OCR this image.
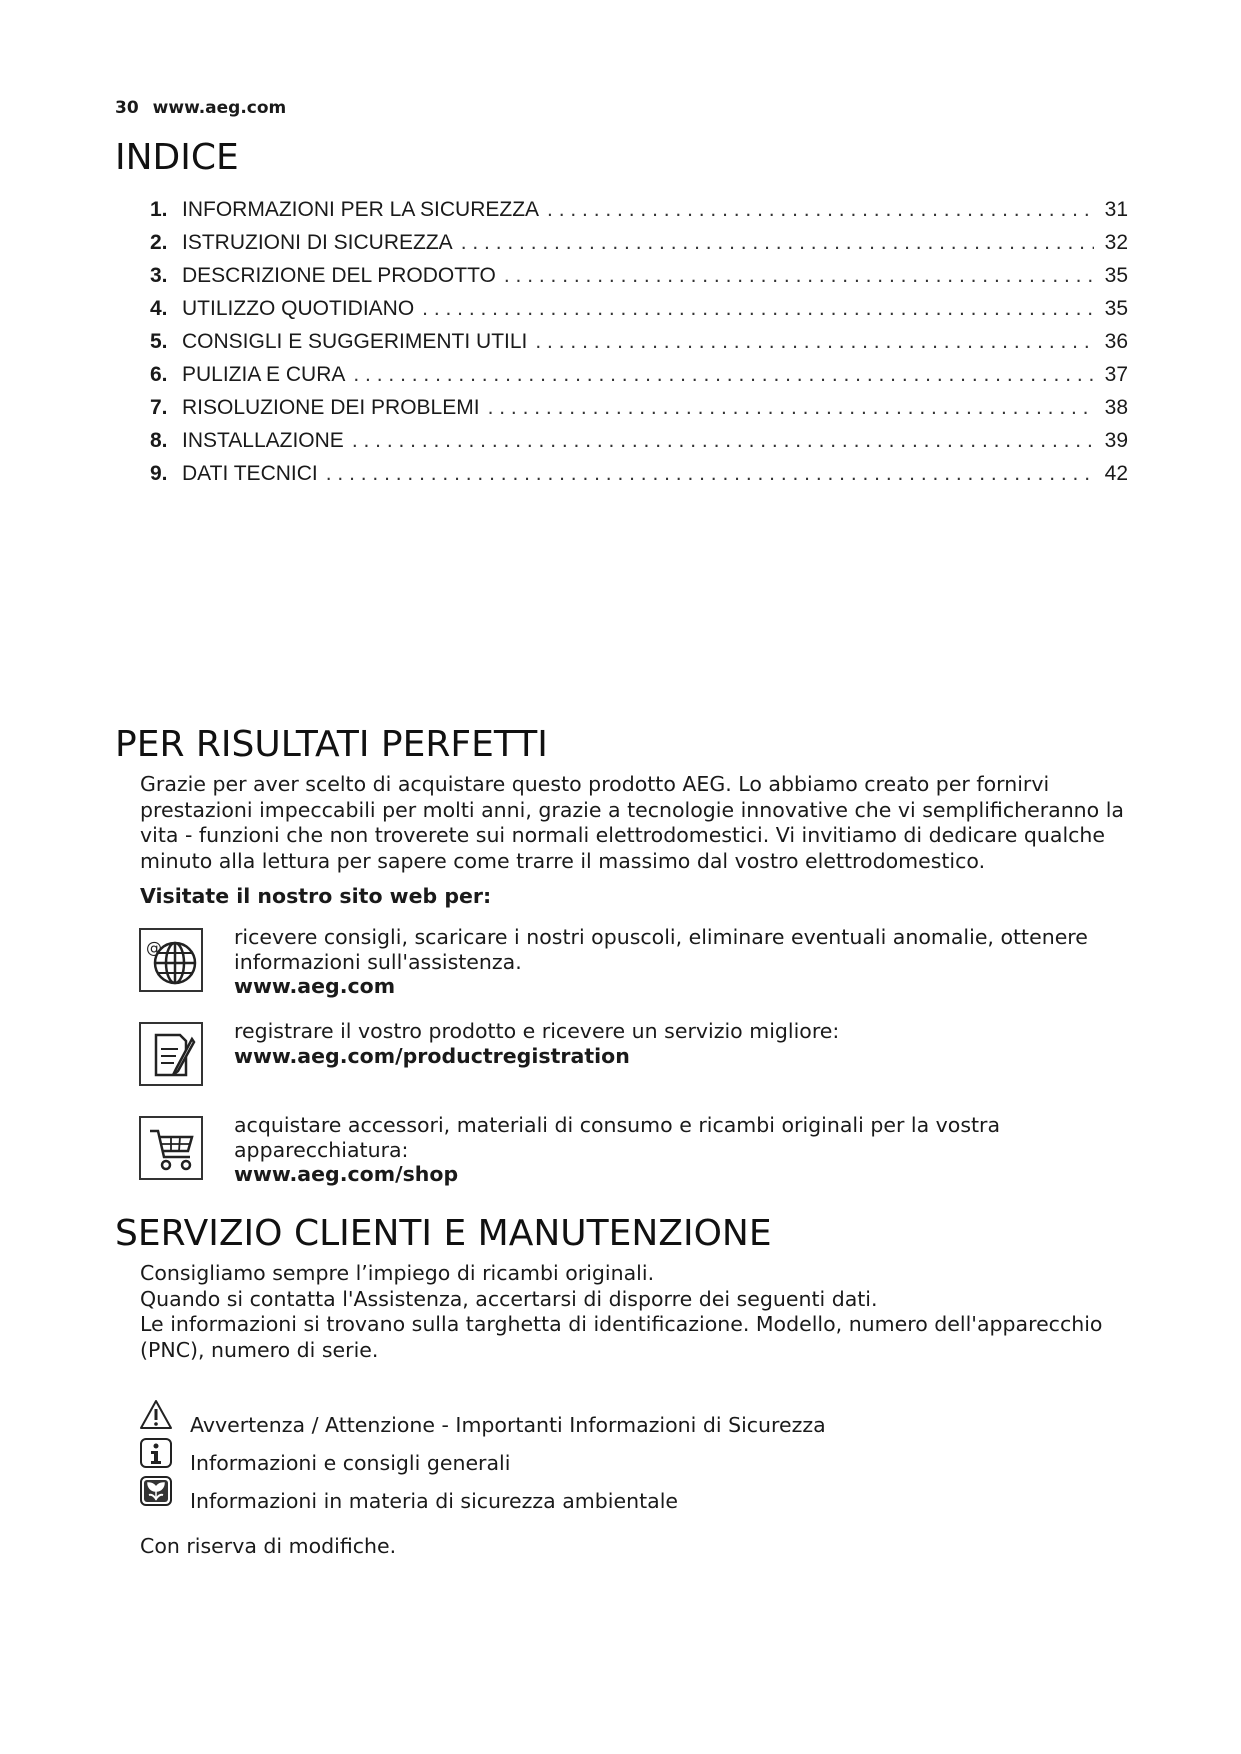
30 www.aeg.com
INDICE
1. INFORMAZIONI PER LA SICUREZZA . . .	31
2. ISTRUZIONI DI SICUREZZA . . .	32
3. DESCRIZIONE DEL PRODOTTO . . .	35
4. UTILIZZO QUOTIDIANO . . .	35
5. CONSIGLI E SUGGERIMENTI UTILI . . .	36
6. PULIZIA E CURA . . .	37
7. RISOLUZIONE DEI PROBLEMI . . .	38
8. INSTALLAZIONE . . .	39
9. DATI TECNICI . . .	42
PER RISULTATI PERFETTI

Grazie per aver scelto di acquistare questo prodotto AEG. Lo abbiamo creato per fornirvi prestazioni impeccabili per molti anni, grazie a tecnologie innovative che vi semplificheranno la vita - funzioni che non troverete sui normali elettrodomestici. Vi invitiamo di dedicare qualche minuto alla lettura per sapere come trarre il massimo dal vostro elettrodomestico.

Visitate il nostro sito web per:
@	ricevere consigli, scaricare i nostri opuscoli, eliminare eventuali anomalie, ottenere informazioni sull'assistenza.
www.aeg.com
registrare il vostro prodotto e ricevere un servizio migliore:
www.aeg.com/productregistration
acquistare accessori, materiali di consumo e ricambi originali per la vostra apparecchiatura:
www.aeg.com/shop
SERVIZIO CLIENTI E MANUTENZIONE

Consigliamo sempre l’impiego di ricambi originali.

Quando si contatta l'Assistenza, accertarsi di disporre dei seguenti dati.

Le informazioni si trovano sulla targhetta di identificazione. Modello, numero dell'apparecchio (PNC), numero di serie.

Avvertenza / Attenzione - Importanti Informazioni di Sicurezza
Informazioni e consigli generali
Informazioni in materia di sicurezza ambientale
Con riserva di modifiche.
